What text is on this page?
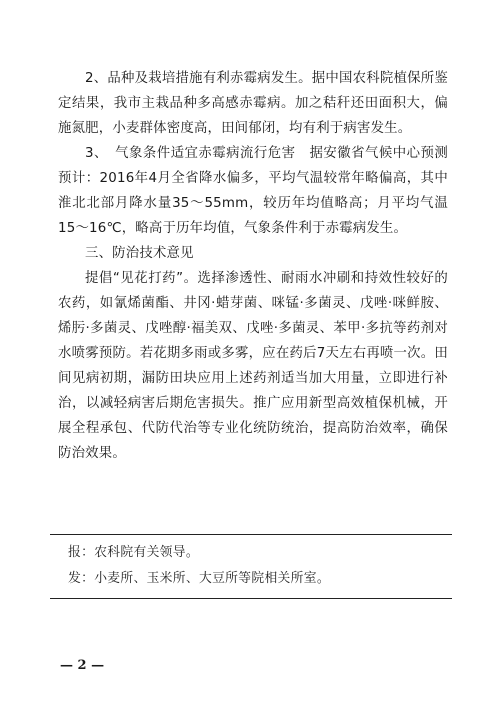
2、品种及栽培措施有利赤霉病发生。据中国农科院植保所鉴定结果，我市主栽品种多高感赤霉病。加之秸秆还田面积大，偏施氮肥，小麦群体密度高，田间郁闭，均有利于病害发生。

3、　气象条件适宜赤霉病流行危害　据安徽省气候中心预测预计：2016年4月全省降水偏多，平均气温较常年略偏高，其中淮北北部月降水量35～55mm，较历年均值略高；月平均气温15～16℃，略高于历年均值，气象条件利于赤霉病发生。

三、防治技术意见

提倡“见花打药”。选择渗透性、耐雨水冲刷和持效性较好的农药，如氰烯菌酯、井冈·蜡芽菌、咪锰·多菌灵、戊唑·咪鲜胺、烯肟·多菌灵、戊唑醇·福美双、戊唑·多菌灵、苯甲·多抗等药剂对水喷雾预防。若花期多雨或多雾，应在药后7天左右再喷一次。田间见病初期，漏防田块应用上述药剂适当加大用量，立即进行补治，以减轻病害后期危害损失。推广应用新型高效植保机械，开展全程承包、代防代治等专业化统防统治，提高防治效率，确保防治效果。

报：农科院有关领导。
发：小麦所、玉米所、大豆所等院相关所室。
— 2 —
